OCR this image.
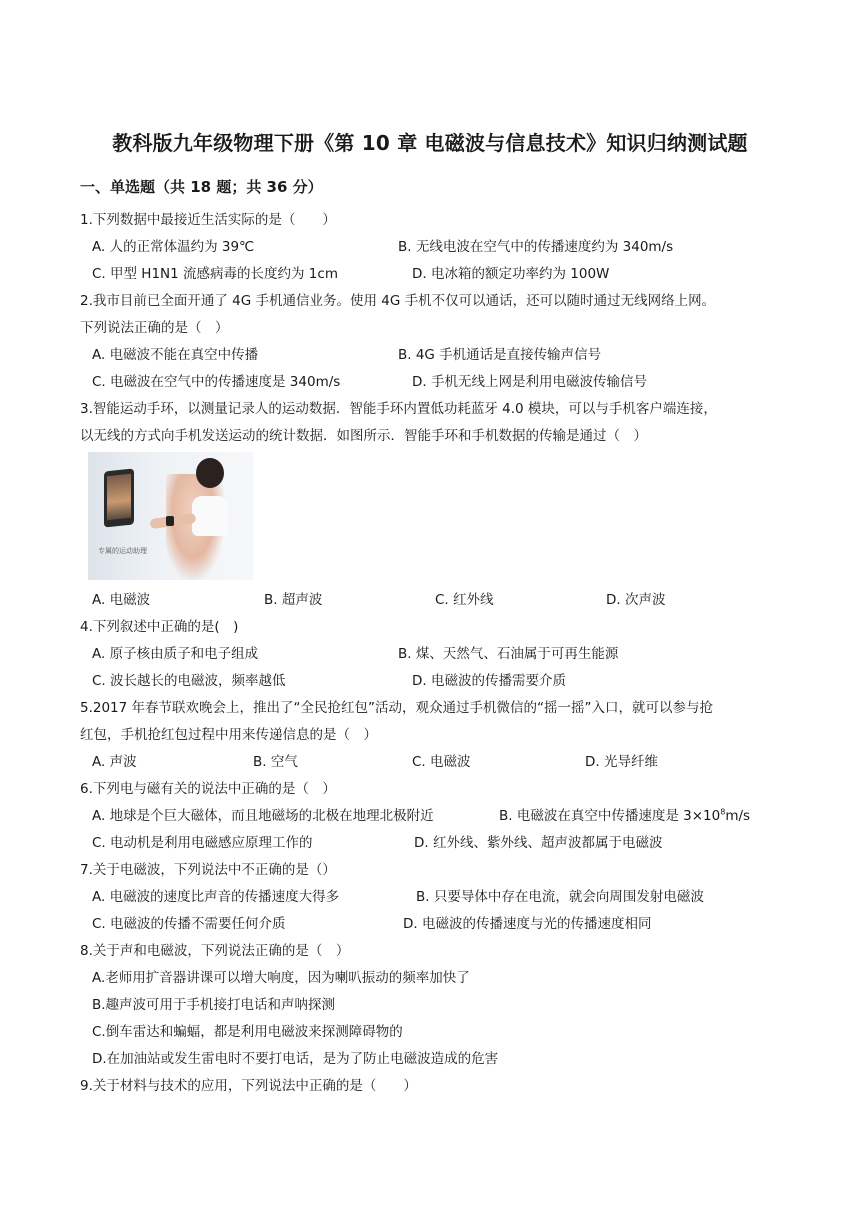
教科版九年级物理下册《第 10 章 电磁波与信息技术》知识归纳测试题
一、单选题（共 18 题；共 36 分）
1.下列数据中最接近生活实际的是（　　）
A. 人的正常体温约为 39℃	B. 无线电波在空气中的传播速度约为 340m/s
C. 甲型 H1N1 流感病毒的长度约为 1cm	D. 电冰箱的额定功率约为 100W
2.我市目前已全面开通了 4G 手机通信业务。使用 4G 手机不仅可以通话，还可以随时通过无线网络上网。
下列说法正确的是（　）
A. 电磁波不能在真空中传播	B. 4G 手机通话是直接传输声信号
C. 电磁波在空气中的传播速度是 340m/s	D. 手机无线上网是利用电磁波传输信号
3.智能运动手环，以测量记录人的运动数据．智能手环内置低功耗蓝牙 4.0 模块，可以与手机客户端连接，
以无线的方式向手机发送运动的统计数据．如图所示．智能手环和手机数据的传输是通过（　）
专属的运动助理
A. 电磁波	B. 超声波	C. 红外线	D. 次声波
4.下列叙述中正确的是(　)
A. 原子核由质子和电子组成	B. 煤、天然气、石油属于可再生能源
C. 波长越长的电磁波，频率越低	D. 电磁波的传播需要介质
5.2017 年春节联欢晚会上，推出了“全民抢红包”活动，观众通过手机微信的“摇一摇”入口，就可以参与抢
红包，手机抢红包过程中用来传递信息的是（　）
A. 声波	B. 空气	C. 电磁波	D. 光导纤维
6.下列电与磁有关的说法中正确的是（　）
A. 地球是个巨大磁体，而且地磁场的北极在地理北极附近	B. 电磁波在真空中传播速度是 $3\times 10^8m/s$
C. 电动机是利用电磁感应原理工作的	D. 红外线、紫外线、超声波都属于电磁波
7.关于电磁波，下列说法中不正确的是（）
A. 电磁波的速度比声音的传播速度大得多	B. 只要导体中存在电流，就会向周围发射电磁波
C. 电磁波的传播不需要任何介质	D. 电磁波的传播速度与光的传播速度相同
8.关于声和电磁波，下列说法正确的是（　）
A.老师用扩音器讲课可以增大响度，因为喇叭振动的频率加快了
B.趣声波可用于手机接打电话和声呐探测
C.倒车雷达和蝙蝠，都是利用电磁波来探测障碍物的
D.在加油站或发生雷电时不要打电话，是为了防止电磁波造成的危害
9.关于材料与技术的应用，下列说法中正确的是（　　）
